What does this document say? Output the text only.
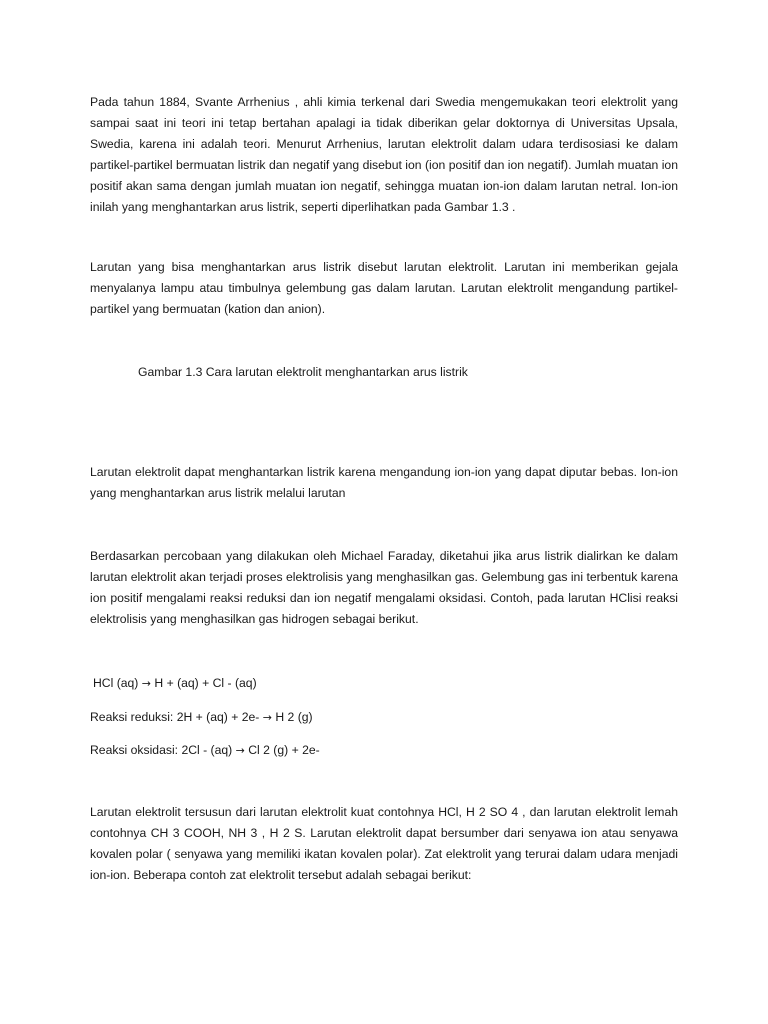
Pada tahun 1884, Svante Arrhenius , ahli kimia terkenal dari Swedia mengemukakan teori elektrolit yang sampai saat ini teori ini tetap bertahan apalagi ia tidak diberikan gelar doktornya di Universitas Upsala, Swedia, karena ini adalah teori. Menurut Arrhenius, larutan elektrolit dalam udara terdisosiasi ke dalam partikel-partikel bermuatan listrik dan negatif yang disebut ion (ion positif dan ion negatif). Jumlah muatan ion positif akan sama dengan jumlah muatan ion negatif, sehingga muatan ion-ion dalam larutan netral. Ion-ion inilah yang menghantarkan arus listrik, seperti diperlihatkan pada Gambar 1.3 .

Larutan yang bisa menghantarkan arus listrik disebut larutan elektrolit. Larutan ini memberikan gejala menyalanya lampu atau timbulnya gelembung gas dalam larutan. Larutan elektrolit mengandung partikel-partikel yang bermuatan (kation dan anion).

Gambar 1.3 Cara larutan elektrolit menghantarkan arus listrik

Larutan elektrolit dapat menghantarkan listrik karena mengandung ion-ion yang dapat diputar bebas. Ion-ion yang menghantarkan arus listrik melalui larutan

Berdasarkan percobaan yang dilakukan oleh Michael Faraday, diketahui jika arus listrik dialirkan ke dalam larutan elektrolit akan terjadi proses elektrolisis yang menghasilkan gas. Gelembung gas ini terbentuk karena ion positif mengalami reaksi reduksi dan ion negatif mengalami oksidasi. Contoh, pada larutan HClisi reaksi elektrolisis yang menghasilkan gas hidrogen sebagai berikut.

HCl (aq) → H + (aq) + Cl - (aq)

Reaksi reduksi: 2H + (aq) + 2e- → H 2 (g)

Reaksi oksidasi: 2Cl - (aq) → Cl 2 (g) + 2e-

Larutan elektrolit tersusun dari larutan elektrolit kuat contohnya HCl, H 2 SO 4 , dan larutan elektrolit lemah contohnya CH 3 COOH, NH 3 , H 2 S. Larutan elektrolit dapat bersumber dari senyawa ion atau senyawa kovalen polar ( senyawa yang memiliki ikatan kovalen polar). Zat elektrolit yang terurai dalam udara menjadi ion-ion. Beberapa contoh zat elektrolit tersebut adalah sebagai berikut:
